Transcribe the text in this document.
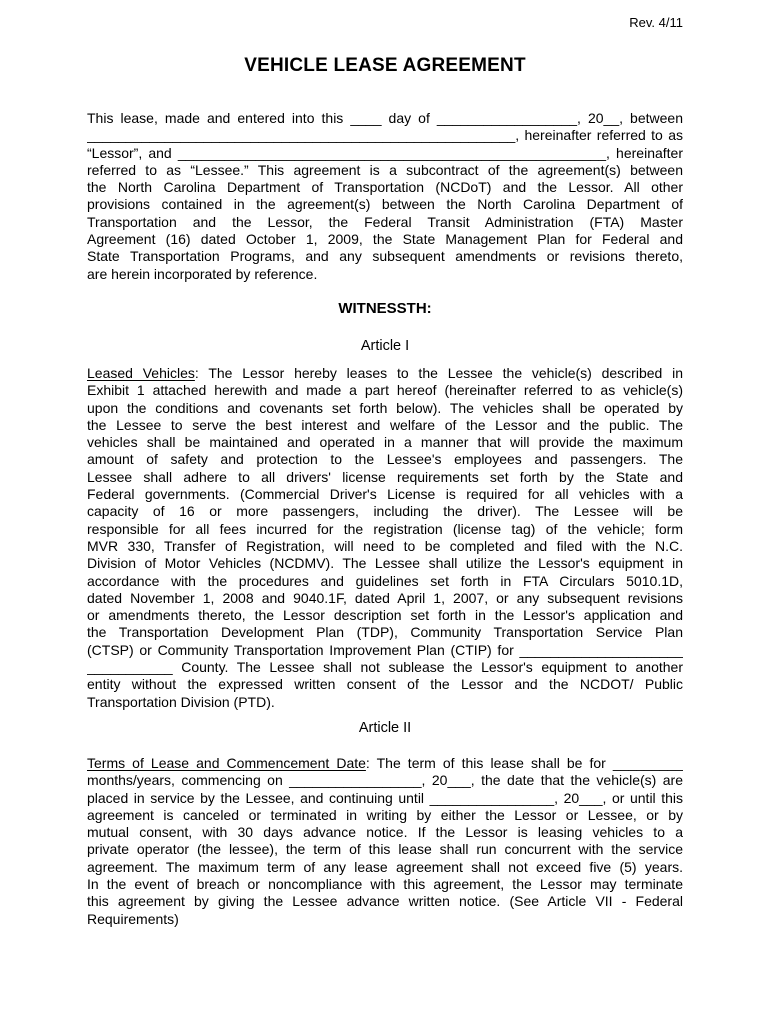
Rev. 4/11
VEHICLE LEASE AGREEMENT
This lease, made and entered into this ____ day of __________________, 20__, between
_______________________________________________________, hereinafter referred to as
“Lessor”, and _______________________________________________________, hereinafter
referred to as “Lessee.” This agreement is a subcontract of the agreement(s) between
the North Carolina Department of Transportation (NCDoT) and the Lessor. All other
provisions contained in the agreement(s) between the North Carolina Department of
Transportation and the Lessor, the Federal Transit Administration (FTA) Master
Agreement (16) dated October 1, 2009, the State Management Plan for Federal and
State Transportation Programs, and any subsequent amendments or revisions thereto,
are herein incorporated by reference.
WITNESSTH:
Article I
Leased Vehicles: The Lessor hereby leases to the Lessee the vehicle(s) described in
Exhibit 1 attached herewith and made a part hereof (hereinafter referred to as vehicle(s)
upon the conditions and covenants set forth below). The vehicles shall be operated by
the Lessee to serve the best interest and welfare of the Lessor and the public. The
vehicles shall be maintained and operated in a manner that will provide the maximum
amount of safety and protection to the Lessee's employees and passengers. The
Lessee shall adhere to all drivers' license requirements set forth by the State and
Federal governments. (Commercial Driver's License is required for all vehicles with a
capacity of 16 or more passengers, including the driver). The Lessee will be
responsible for all fees incurred for the registration (license tag) of the vehicle; form
MVR 330, Transfer of Registration, will need to be completed and filed with the N.C.
Division of Motor Vehicles (NCDMV). The Lessee shall utilize the Lessor's equipment in
accordance with the procedures and guidelines set forth in FTA Circulars 5010.1D,
dated November 1, 2008 and 9040.1F, dated April 1, 2007, or any subsequent revisions
or amendments thereto, the Lessor description set forth in the Lessor's application and
the Transportation Development Plan (TDP), Community Transportation Service Plan
(CTSP) or Community Transportation Improvement Plan (CTIP) for _____________________
___________ County. The Lessee shall not sublease the Lessor's equipment to another
entity without the expressed written consent of the Lessor and the NCDOT/ Public
Transportation Division (PTD).
Article II
Terms of Lease and Commencement Date: The term of this lease shall be for _________
months/years, commencing on _________________, 20___, the date that the vehicle(s) are
placed in service by the Lessee, and continuing until ________________, 20___, or until this
agreement is canceled or terminated in writing by either the Lessor or Lessee, or by
mutual consent, with 30 days advance notice. If the Lessor is leasing vehicles to a
private operator (the lessee), the term of this lease shall run concurrent with the service
agreement. The maximum term of any lease agreement shall not exceed five (5) years.
In the event of breach or noncompliance with this agreement, the Lessor may terminate
this agreement by giving the Lessee advance written notice. (See Article VII - Federal
Requirements)
